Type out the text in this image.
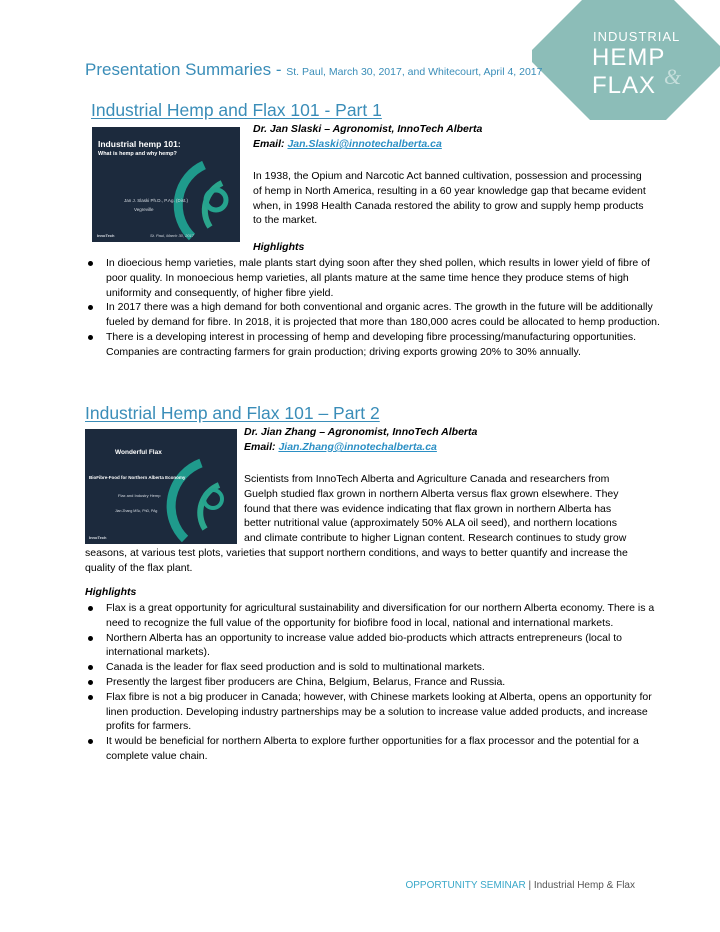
INDUSTRIAL
HEMP
FLAX &
Presentation Summaries - St. Paul, March 30, 2017, and Whitecourt, April 4, 2017
Industrial Hemp and Flax 101 - Part 1
Industrial hemp 101:
What is hemp and why hemp?
Jan J. Slaski Ph.D., P.Ag. (Dist.)
Vegreville
InnoTech	St. Paul, March 30, 2017
Dr. Jan Slaski – Agronomist, InnoTech Alberta
Email: Jan.Slaski@innotechalberta.ca
In 1938, the Opium and Narcotic Act banned cultivation, possession and processing of hemp in North America, resulting in a 60 year knowledge gap that became evident when, in 1998 Health Canada restored the ability to grow and supply hemp products to the market.
Highlights
In dioecious hemp varieties, male plants start dying soon after they shed pollen, which results in lower yield of fibre of poor quality. In monoecious hemp varieties, all plants mature at the same time hence they produce stems of high uniformity and consequently, of higher fibre yield.
In 2017 there was a high demand for both conventional and organic acres. The growth in the future will be additionally fueled by demand for fibre. In 2018, it is projected that more than 180,000 acres could be allocated to hemp production.
There is a developing interest in processing of hemp and developing fibre processing/manufacturing opportunities. Companies are contracting farmers for grain production; driving exports growing 20% to 30% annually.
Industrial Hemp and Flax 101 – Part 2
Wonderful Flax
BioFibre-Food for Northern Alberta Economy
Flax and Industry Hemp
Jian Zhang MSc, PhD, PAg
InnoTech
Dr. Jian Zhang – Agronomist, InnoTech Alberta
Email: Jian.Zhang@innotechalberta.ca
Scientists from InnoTech Alberta and Agriculture Canada and researchers from
Guelph studied flax grown in northern Alberta versus flax grown elsewhere. They
found that there was evidence indicating that flax grown in northern Alberta has
better nutritional value (approximately 50% ALA oil seed), and northern locations
and climate contribute to higher Lignan content. Research continues to study grow
seasons, at various test plots, varieties that support northern conditions, and ways to better quantify and increase the quality of the flax plant.
Highlights
Flax is a great opportunity for agricultural sustainability and diversification for our northern Alberta economy. There is a need to recognize the full value of the opportunity for biofibre food in local, national and international markets.
Northern Alberta has an opportunity to increase value added bio-products which attracts entrepreneurs (local to international markets).
Canada is the leader for flax seed production and is sold to multinational markets.
Presently the largest fiber producers are China, Belgium, Belarus, France and Russia.
Flax fibre is not a big producer in Canada; however, with Chinese markets looking at Alberta, opens an opportunity for linen production. Developing industry partnerships may be a solution to increase value added products, and increase profits for farmers.
It would be beneficial for northern Alberta to explore further opportunities for a flax processor and the potential for a complete value chain.
OPPORTUNITY SEMINAR | Industrial Hemp & Flax
